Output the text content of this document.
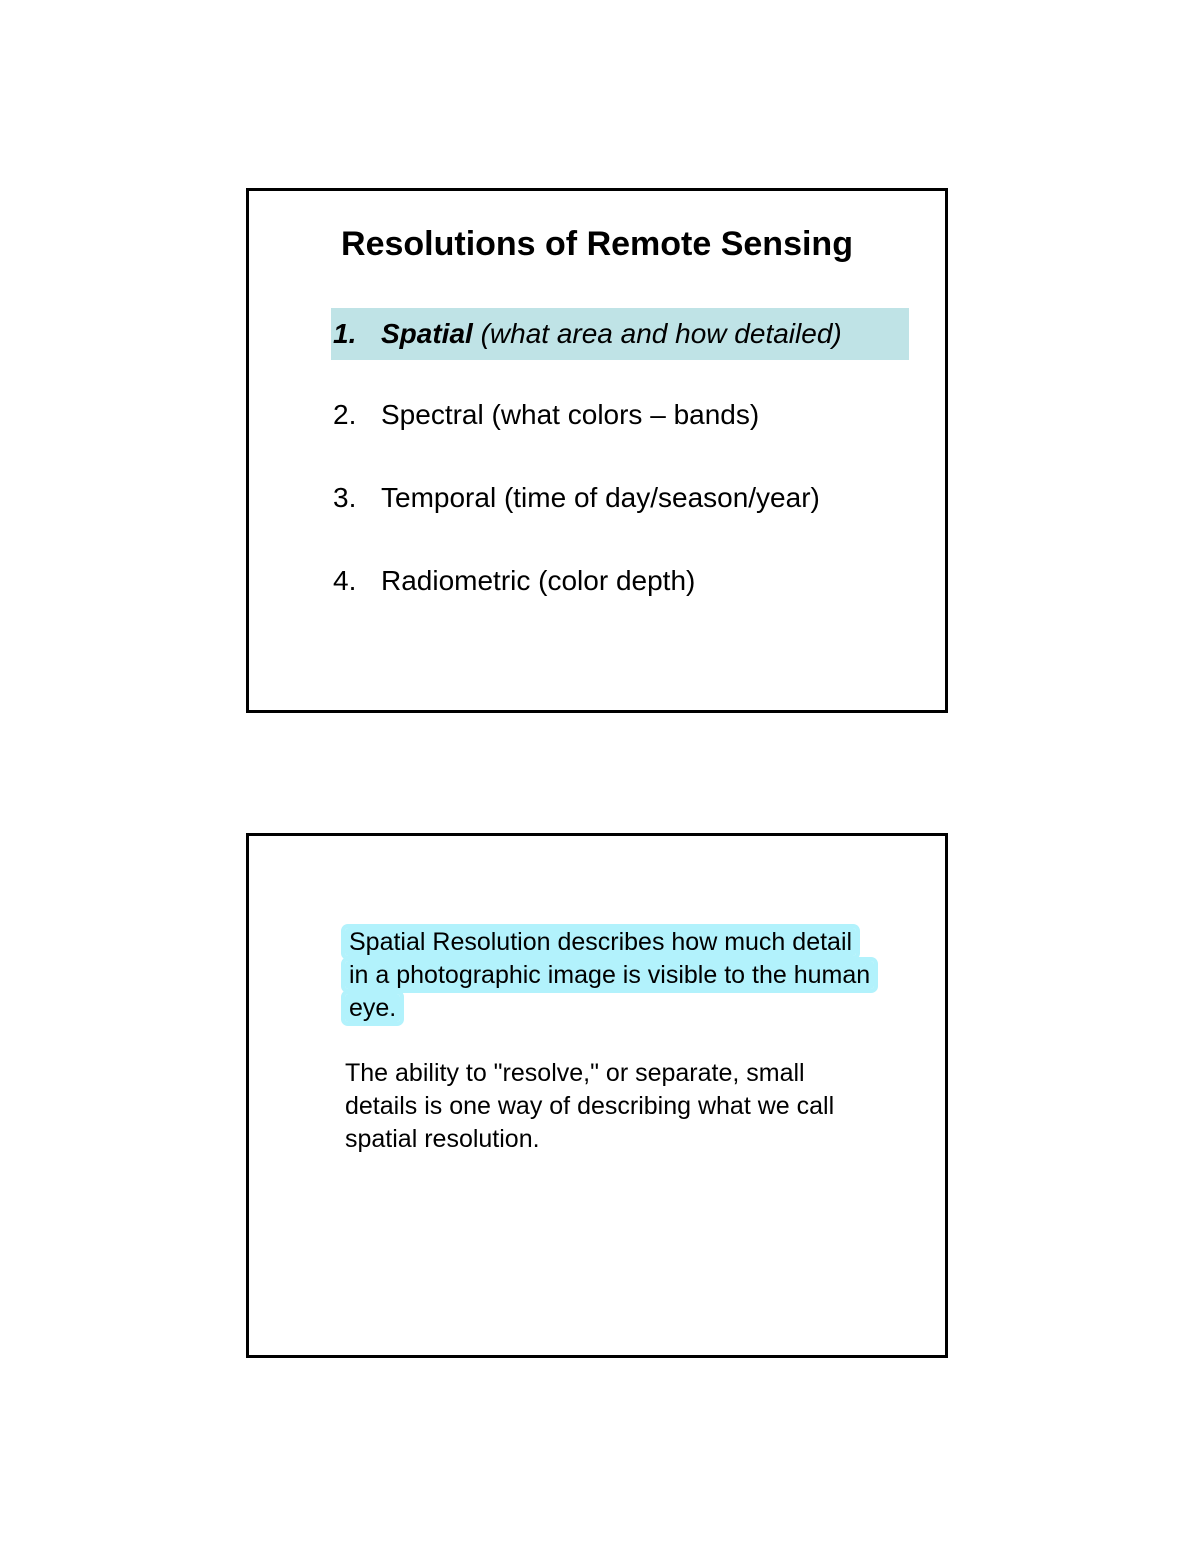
Resolutions of Remote Sensing
1. Spatial (what area and how detailed)
2. Spectral (what colors – bands)
3. Temporal (time of day/season/year)
4. Radiometric (color depth)
Spatial Resolution describes how much detail in a photographic image is visible to the human eye.
The ability to "resolve," or separate, small details is one way of describing what we call spatial resolution.
